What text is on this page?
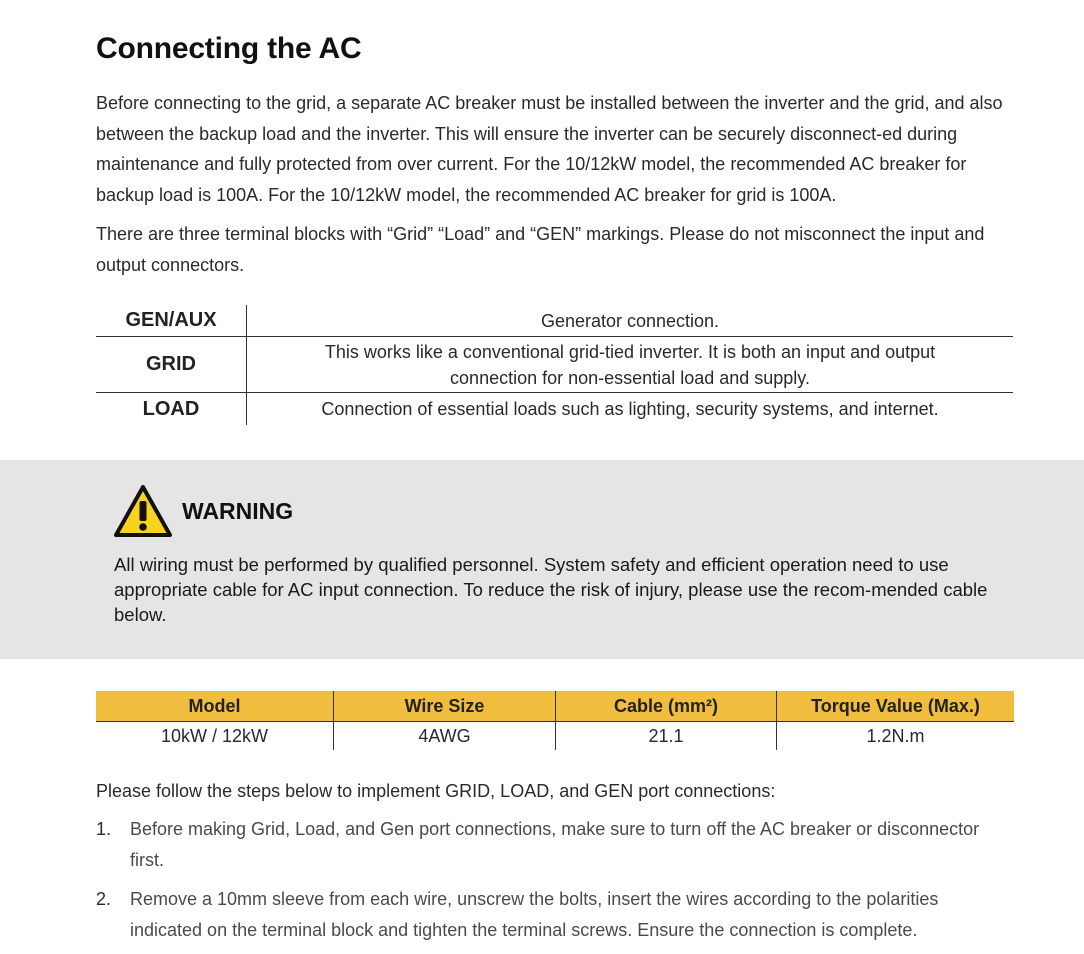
Connecting the AC

Before connecting to the grid, a separate AC breaker must be installed between the inverter and the grid, and also between the backup load and the inverter. This will ensure the inverter can be securely disconnect-ed during maintenance and fully protected from over current. For the 10/12kW model, the recommended AC breaker for backup load is 100A. For the 10/12kW model, the recommended AC breaker for grid is 100A.

There are three terminal blocks with “Grid” “Load” and “GEN” markings. Please do not misconnect the input and output connectors.

GEN/AUX	Generator connection.
GRID	This works like a conventional grid-tied inverter. It is both an input and output connection for non-essential load and supply.
LOAD	Connection of essential loads such as lighting, security systems, and internet.
WARNING

All wiring must be performed by qualified personnel. System safety and efficient operation need to use appropriate cable for AC input connection. To reduce the risk of injury, please use the recom-mended cable below.

Model	Wire Size	Cable (mm²)	Torque Value (Max.)
10kW / 12kW	4AWG	21.1	1.2N.m

Please follow the steps below to implement GRID, LOAD, and GEN port connections:

1. Before making Grid, Load, and Gen port connections, make sure to turn off the AC breaker or disconnector first.
2. Remove a 10mm sleeve from each wire, unscrew the bolts, insert the wires according to the polarities indicated on the terminal block and tighten the terminal screws. Ensure the connection is complete.
